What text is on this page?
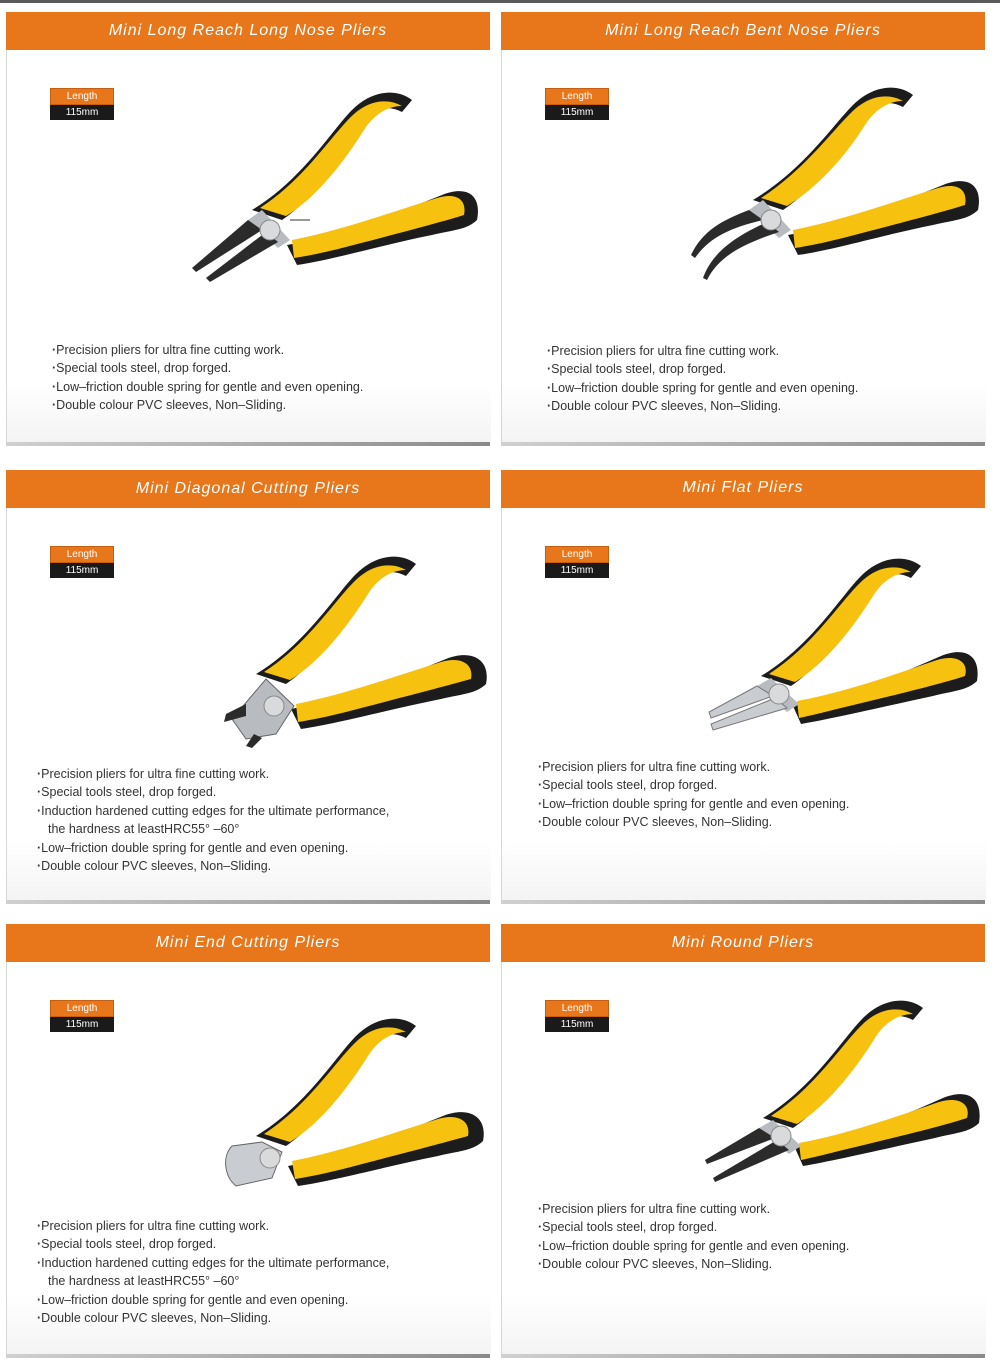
Mini Long Reach Long Nose Pliers
Length
115mm
· Precision pliers for ultra fine cutting work.
· Special tools steel, drop forged.
· Low–friction double spring for gentle and even opening.
· Double colour PVC sleeves, Non–Sliding.
Mini Long Reach Bent Nose Pliers
Length
115mm
· Precision pliers for ultra fine cutting work.
· Special tools steel, drop forged.
· Low–friction double spring for gentle and even opening.
· Double colour PVC sleeves, Non–Sliding.
Mini Diagonal Cutting Pliers
Length
115mm
· Precision pliers for ultra fine cutting work.
· Special tools steel, drop forged.
· Induction hardened cutting edges for the ultimate performance,
the hardness at leastHRC55° –60°
· Low–friction double spring for gentle and even opening.
· Double colour PVC sleeves, Non–Sliding.
Mini Flat Pliers
Length
115mm
· Precision pliers for ultra fine cutting work.
· Special tools steel, drop forged.
· Low–friction double spring for gentle and even opening.
· Double colour PVC sleeves, Non–Sliding.
Mini End Cutting Pliers
Length
115mm
· Precision pliers for ultra fine cutting work.
· Special tools steel, drop forged.
· Induction hardened cutting edges for the ultimate performance,
the hardness at leastHRC55° –60°
· Low–friction double spring for gentle and even opening.
· Double colour PVC sleeves, Non–Sliding.
Mini Round Pliers
Length
115mm
· Precision pliers for ultra fine cutting work.
· Special tools steel, drop forged.
· Low–friction double spring for gentle and even opening.
· Double colour PVC sleeves, Non–Sliding.
